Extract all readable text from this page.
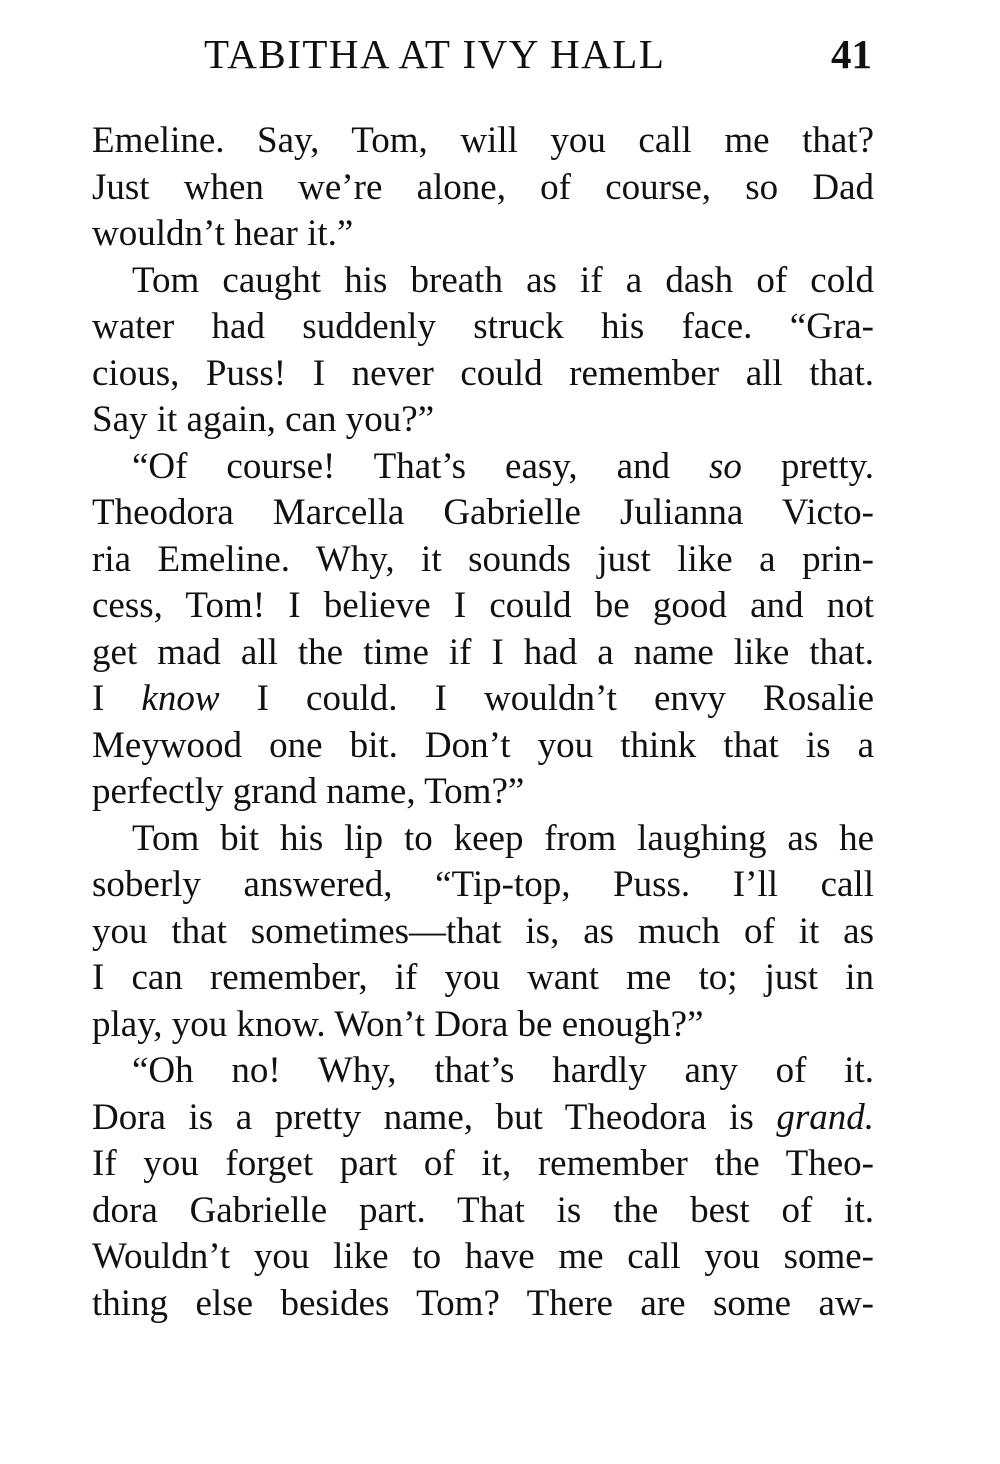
TABITHA AT IVY HALL	41
Emeline. Say, Tom, will you call me that?
Just when we’re alone, of course, so Dad
wouldn’t hear it.”
Tom caught his breath as if a dash of cold
water had suddenly struck his face. “Gra-
cious, Puss! I never could remember all that.
Say it again, can you?”
“Of course! That’s easy, and so pretty.
Theodora Marcella Gabrielle Julianna Victo-
ria Emeline. Why, it sounds just like a prin-
cess, Tom! I believe I could be good and not
get mad all the time if I had a name like that.
I know I could. I wouldn’t envy Rosalie
Meywood one bit. Don’t you think that is a
perfectly grand name, Tom?”
Tom bit his lip to keep from laughing as he
soberly answered, “Tip-top, Puss. I’ll call
you that sometimes—that is, as much of it as
I can remember, if you want me to; just in
play, you know. Won’t Dora be enough?”
“Oh no! Why, that’s hardly any of it.
Dora is a pretty name, but Theodora is grand.
If you forget part of it, remember the Theo-
dora Gabrielle part. That is the best of it.
Wouldn’t you like to have me call you some-
thing else besides Tom? There are some aw-
